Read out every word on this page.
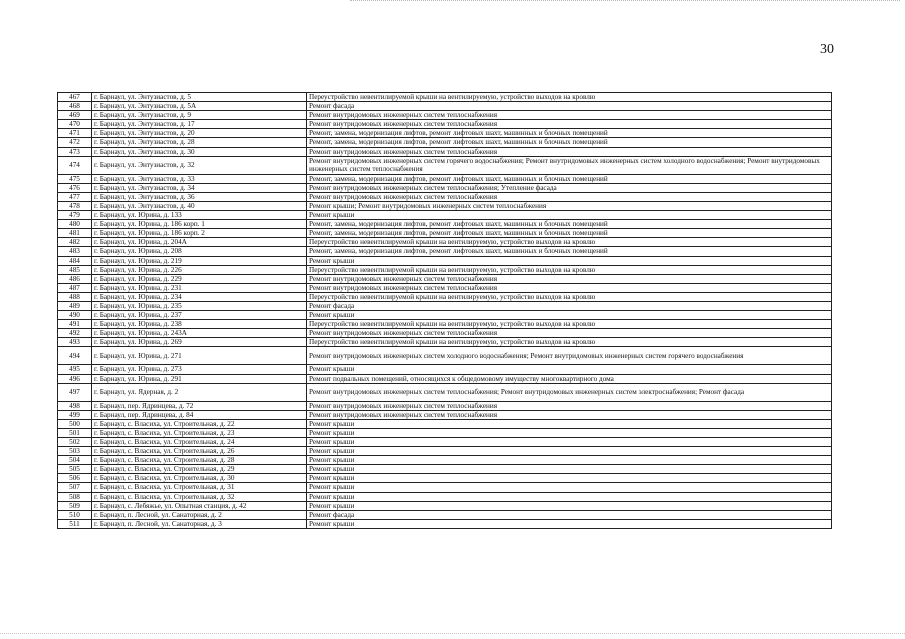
30
467	г. Барнаул, ул. Энтузиастов, д. 5	Переустройство невентилируемой крыши на вентилируемую, устройство выходов на кровлю
468	г. Барнаул, ул. Энтузиастов, д. 5А	Ремонт фасада
469	г. Барнаул, ул. Энтузиастов, д. 9	Ремонт внутридомовых инженерных систем теплоснабжения
470	г. Барнаул, ул. Энтузиастов, д. 17	Ремонт внутридомовых инженерных систем теплоснабжения
471	г. Барнаул, ул. Энтузиастов, д. 20	Ремонт, замена, модернизация лифтов, ремонт лифтовых шахт, машинных и блочных помещений
472	г. Барнаул, ул. Энтузиастов, д. 28	Ремонт, замена, модернизация лифтов, ремонт лифтовых шахт, машинных и блочных помещений
473	г. Барнаул, ул. Энтузиастов, д. 30	Ремонт внутридомовых инженерных систем теплоснабжения
474	г. Барнаул, ул. Энтузиастов, д. 32	Ремонт внутридомовых инженерных систем горячего водоснабжения; Ремонт внутридомовых инженерных систем холодного водоснабжения; Ремонт внутридомовых инженерных систем теплоснабжения
475	г. Барнаул, ул. Энтузиастов, д. 33	Ремонт, замена, модернизация лифтов, ремонт лифтовых шахт, машинных и блочных помещений
476	г. Барнаул, ул. Энтузиастов, д. 34	Ремонт внутридомовых инженерных систем теплоснабжения; Утепление фасада
477	г. Барнаул, ул. Энтузиастов, д. 36	Ремонт внутридомовых инженерных систем теплоснабжения
478	г. Барнаул, ул. Энтузиастов, д. 40	Ремонт крыши; Ремонт внутридомовых инженерных систем теплоснабжения
479	г. Барнаул, ул. Юрина, д. 133	Ремонт крыши
480	г. Барнаул, ул. Юрина, д. 186 корп. 1	Ремонт, замена, модернизация лифтов, ремонт лифтовых шахт, машинных и блочных помещений
481	г. Барнаул, ул. Юрина, д. 186 корп. 2	Ремонт, замена, модернизация лифтов, ремонт лифтовых шахт, машинных и блочных помещений
482	г. Барнаул, ул. Юрина, д. 204А	Переустройство невентилируемой крыши на вентилируемую, устройство выходов на кровлю
483	г. Барнаул, ул. Юрина, д. 208	Ремонт, замена, модернизация лифтов, ремонт лифтовых шахт, машинных и блочных помещений
484	г. Барнаул, ул. Юрина, д. 219	Ремонт крыши
485	г. Барнаул, ул. Юрина, д. 226	Переустройство невентилируемой крыши на вентилируемую, устройство выходов на кровлю
486	г. Барнаул, ул. Юрина, д. 229	Ремонт внутридомовых инженерных систем теплоснабжения
487	г. Барнаул, ул. Юрина, д. 231	Ремонт внутридомовых инженерных систем теплоснабжения
488	г. Барнаул, ул. Юрина, д. 234	Переустройство невентилируемой крыши на вентилируемую, устройство выходов на кровлю
489	г. Барнаул, ул. Юрина, д. 235	Ремонт фасада
490	г. Барнаул, ул. Юрина, д. 237	Ремонт крыши
491	г. Барнаул, ул. Юрина, д. 238	Переустройство невентилируемой крыши на вентилируемую, устройство выходов на кровлю
492	г. Барнаул, ул. Юрина, д. 243А	Ремонт внутридомовых инженерных систем теплоснабжения
493	г. Барнаул, ул. Юрина, д. 269	Переустройство невентилируемой крыши на вентилируемую, устройство выходов на кровлю
494	г. Барнаул, ул. Юрина, д. 271	Ремонт внутридомовых инженерных систем холодного водоснабжения; Ремонт внутридомовых инженерных систем горячего водоснабжения
495	г. Барнаул, ул. Юрина, д. 273	Ремонт крыши
496	г. Барнаул, ул. Юрина, д. 291	Ремонт подвальных помещений, относящихся к общедомовому имуществу многоквартирного дома
497	г. Барнаул, ул. Ядерная, д. 2	Ремонт внутридомовых инженерных систем теплоснабжения; Ремонт внутридомовых инженерных систем электроснабжения; Ремонт фасада
498	г. Барнаул, пер. Ядринцева, д. 72	Ремонт внутридомовых инженерных систем теплоснабжения
499	г. Барнаул, пер. Ядринцева, д. 84	Ремонт внутридомовых инженерных систем теплоснабжения
500	г. Барнаул, с. Власиха, ул. Строительная, д. 22	Ремонт крыши
501	г. Барнаул, с. Власиха, ул. Строительная, д. 23	Ремонт крыши
502	г. Барнаул, с. Власиха, ул. Строительная, д. 24	Ремонт крыши
503	г. Барнаул, с. Власиха, ул. Строительная, д. 26	Ремонт крыши
504	г. Барнаул, с. Власиха, ул. Строительная, д. 28	Ремонт крыши
505	г. Барнаул, с. Власиха, ул. Строительная, д. 29	Ремонт крыши
506	г. Барнаул, с. Власиха, ул. Строительная, д. 30	Ремонт крыши
507	г. Барнаул, с. Власиха, ул. Строительная, д. 31	Ремонт крыши
508	г. Барнаул, с. Власиха, ул. Строительная, д. 32	Ремонт крыши
509	г. Барнаул, с. Лебяжье, ул. Опытная станция, д. 42	Ремонт крыши
510	г. Барнаул, п. Лесной, ул. Санаторная, д. 2	Ремонт фасада
511	г. Барнаул, п. Лесной, ул. Санаторная, д. 3	Ремонт крыши
